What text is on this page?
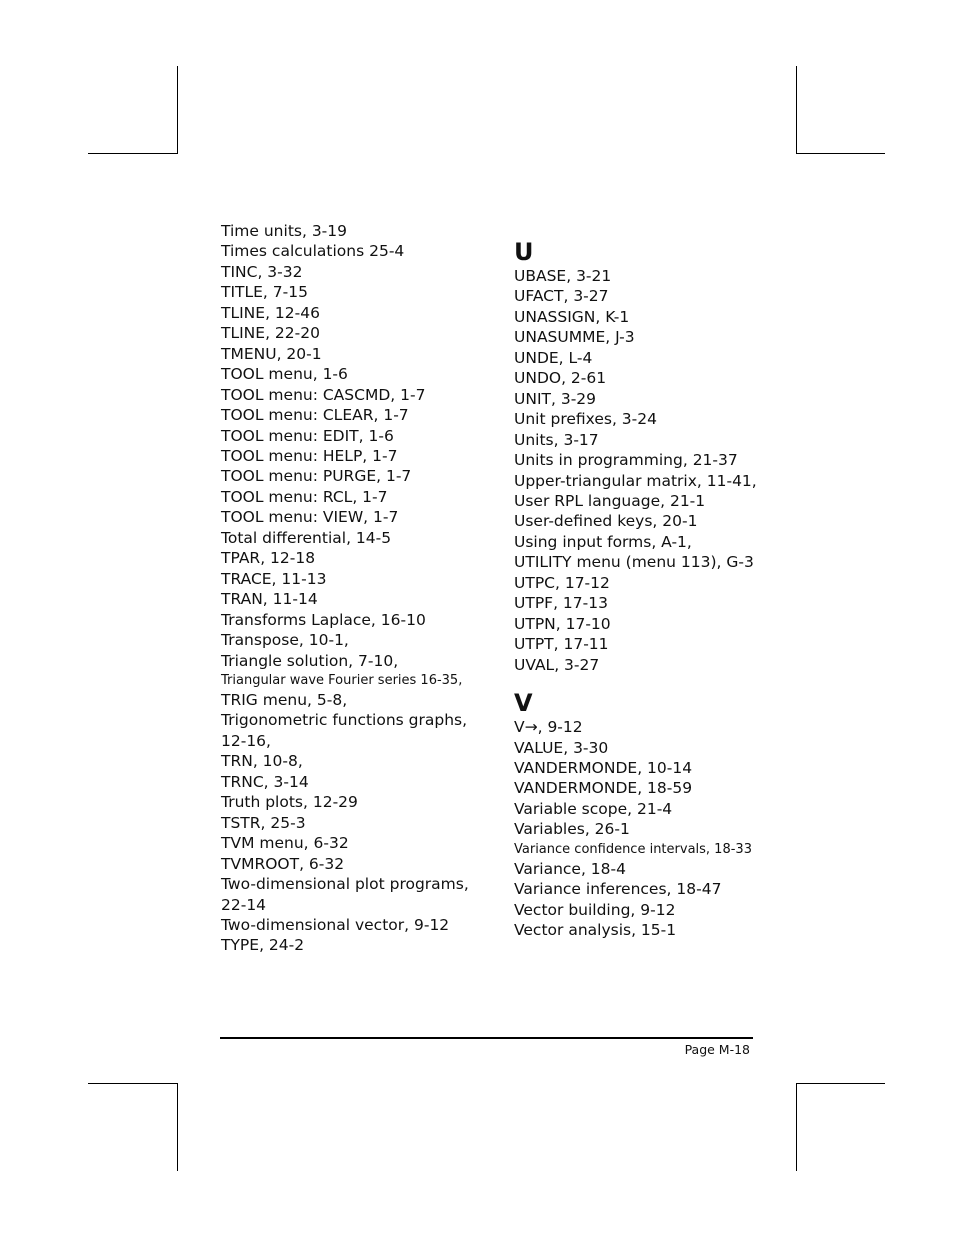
Time units, 3-19
Times calculations 25-4
TINC, 3-32
TITLE, 7-15
TLINE, 12-46
TLINE, 22-20
TMENU, 20-1
TOOL menu, 1-6
TOOL menu: CASCMD, 1-7
TOOL menu: CLEAR, 1-7
TOOL menu: EDIT, 1-6
TOOL menu: HELP, 1-7
TOOL menu: PURGE, 1-7
TOOL menu: RCL, 1-7
TOOL menu: VIEW, 1-7
Total differential, 14-5
TPAR, 12-18
TRACE, 11-13
TRAN, 11-14
Transforms Laplace, 16-10
Transpose, 10-1,
Triangle solution, 7-10,
Triangular wave Fourier series 16-35,
TRIG menu, 5-8,
Trigonometric functions graphs,
12-16,
TRN, 10-8,
TRNC, 3-14
Truth plots, 12-29
TSTR, 25-3
TVM menu, 6-32
TVMROOT, 6-32
Two-dimensional plot programs,
22-14
Two-dimensional vector, 9-12
TYPE, 24-2
U
UBASE, 3-21
UFACT, 3-27
UNASSIGN, K-1
UNASUMME, J-3
UNDE, L-4
UNDO, 2-61
UNIT, 3-29
Unit prefixes, 3-24
Units, 3-17
Units in programming, 21-37
Upper-triangular matrix, 11-41,
User RPL language, 21-1
User-defined keys, 20-1
Using input forms, A-1,
UTILITY menu (menu 113), G-3
UTPC, 17-12
UTPF, 17-13
UTPN, 17-10
UTPT, 17-11
UVAL, 3-27
V
V→, 9-12
VALUE, 3-30
VANDERMONDE, 10-14
VANDERMONDE, 18-59
Variable scope, 21-4
Variables, 26-1
Variance confidence intervals, 18-33
Variance, 18-4
Variance inferences, 18-47
Vector building, 9-12
Vector analysis, 15-1
Page M-18
